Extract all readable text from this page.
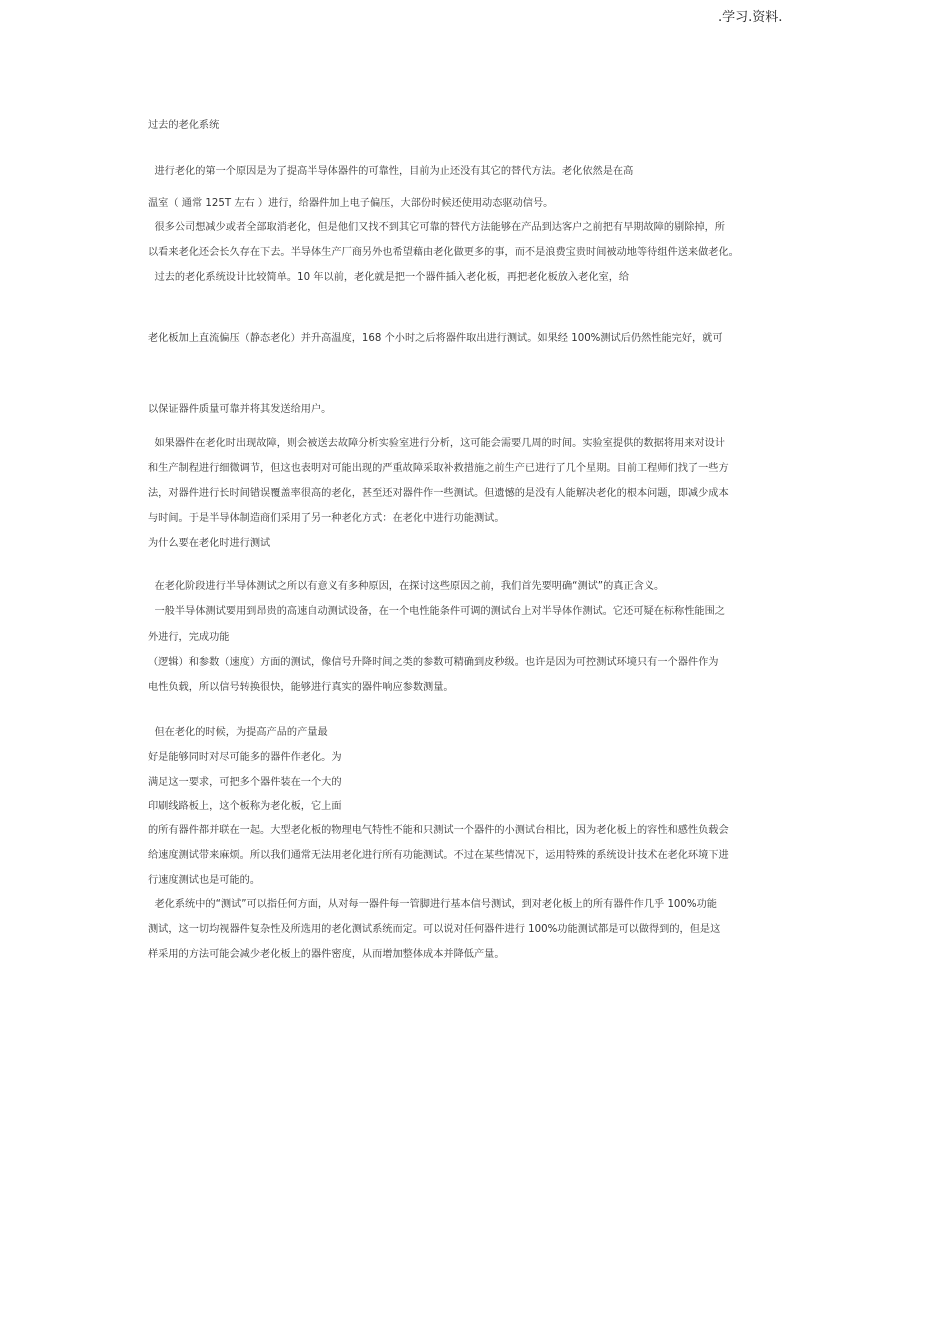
.学习.资料.
过去的老化系统
进行老化的第一个原因是为了提高半导体器件的可靠性，目前为止还没有其它的替代方法。老化依然是在高
温室（ 通常 125T 左右 ）进行，给器件加上电子偏压，大部份时候还使用动态驱动信号。
很多公司想减少或者全部取消老化，但是他们又找不到其它可靠的替代方法能够在产品到达客户之前把有早期故障的剔除掉，所
以看来老化还会长久存在下去。半导体生产厂商另外也希望藉由老化做更多的事，而不是浪费宝贵时间被动地等待组件送来做老化。
过去的老化系统设计比较简单。10 年以前，老化就是把一个器件插入老化板，再把老化板放入老化室，给
老化板加上直流偏压（静态老化）并升高温度，168 个小时之后将器件取出进行测试。如果经 100%测试后仍然性能完好，就可
以保证器件质量可靠并将其发送给用户。
如果器件在老化时出现故障，则会被送去故障分析实验室进行分析，这可能会需要几周的时间。实验室提供的数据将用来对设计
和生产制程进行细微调节，但这也表明对可能出现的严重故障采取补救措施之前生产已进行了几个星期。目前工程师们找了一些方
法，对器件进行长时间错误覆盖率很高的老化，甚至还对器件作一些测试。但遗憾的是没有人能解决老化的根本问题，即减少成本
与时间。于是半导体制造商们采用了另一种老化方式：在老化中进行功能测试。
为什么要在老化时进行测试
在老化阶段进行半导体测试之所以有意义有多种原因，在探讨这些原因之前，我们首先要明确“测试”的真正含义。
一般半导体测试要用到昂贵的高速自动测试设备，在一个电性能条件可调的测试台上对半导体作测试。它还可疑在标称性能围之
外进行，完成功能
（逻辑）和参数（速度）方面的测试，像信号升降时间之类的参数可精确到皮秒级。也许是因为可控测试环境只有一个器件作为
电性负载，所以信号转换很快，能够进行真实的器件响应参数测量。
但在老化的时候，为提高产品的产量最
好是能够同时对尽可能多的器件作老化。为
满足这一要求，可把多个器件装在一个大的
印刷线路板上，这个板称为老化板，它上面
的所有器件都并联在一起。大型老化板的物理电气特性不能和只测试一个器件的小测试台相比，因为老化板上的容性和感性负载会
给速度测试带来麻烦。所以我们通常无法用老化进行所有功能测试。不过在某些情况下，运用特殊的系统设计技术在老化环境下进
行速度测试也是可能的。
老化系统中的“测试”可以指任何方面，从对每一器件每一管脚进行基本信号测试，到对老化板上的所有器件作几乎 100%功能
测试，这一切均视器件复杂性及所选用的老化测试系统而定。可以说对任何器件进行 100%功能测试都是可以做得到的，但是这
样采用的方法可能会减少老化板上的器件密度，从而增加整体成本并降低产量。
